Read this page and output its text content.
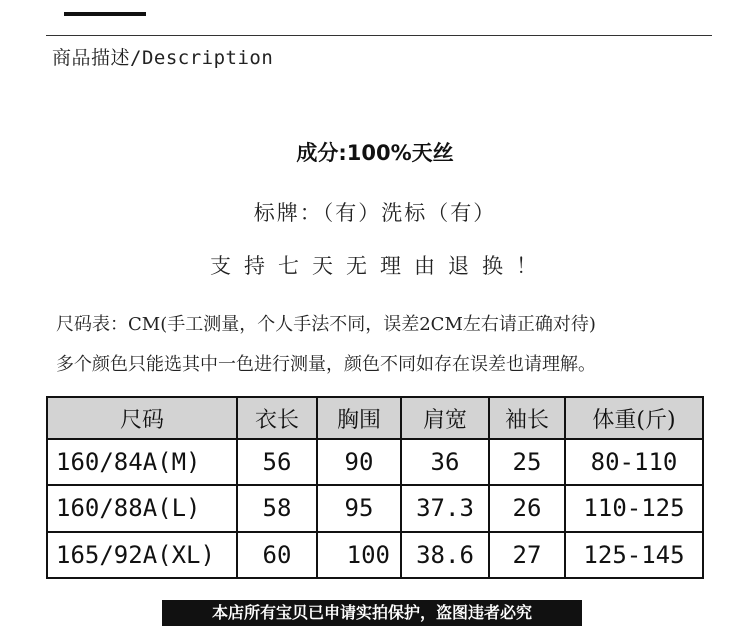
商品描述/Description
成分:100%天丝
标牌：（有）洗标（有）
支持七天无理由退换！
尺码表：CM(手工测量，个人手法不同，误差2CM左右请正确对待)
多个颜色只能选其中一色进行测量，颜色不同如存在误差也请理解。
尺码	衣长	胸围	肩宽	袖长	体重(斤)
160/84A(M)	56	90	36	25	80-110
160/88A(L)	58	95	37.3	26	110-125
165/92A(XL)	60	100	38.6	27	125-145
本店所有宝贝已申请实拍保护，盗图违者必究
